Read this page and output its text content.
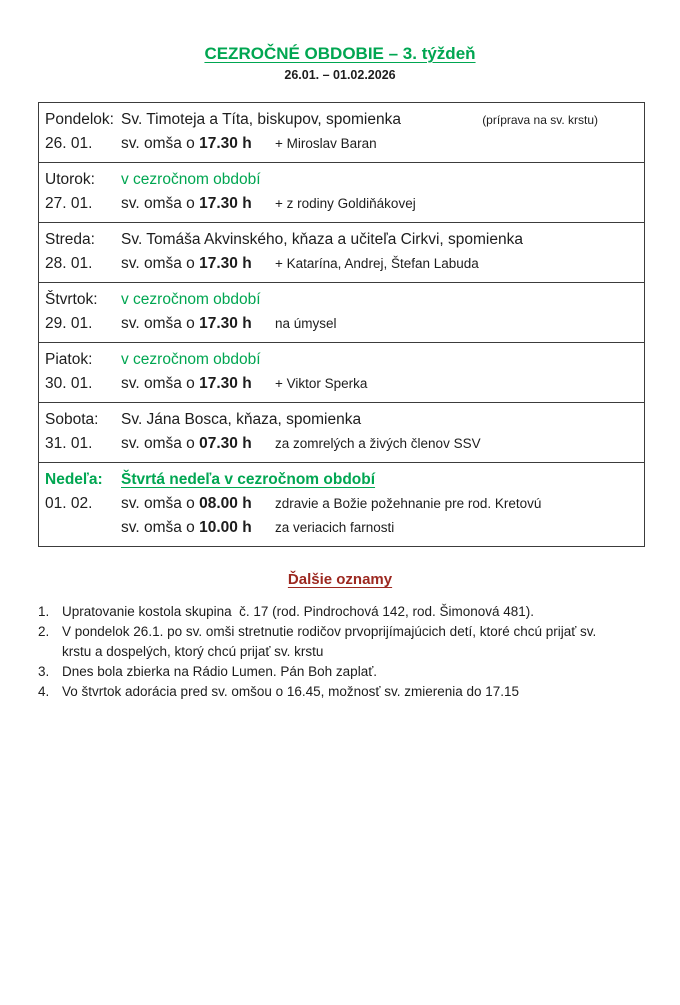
CEZROČNÉ OBDOBIE – 3. týždeň
26.01. – 01.02.2026
Pondelok: Sv. Timoteja a Títa, biskupov, spomienka	(príprava na sv. krstu)
26. 01.	sv. omša o 17.30 h	+ Miroslav Baran
Utorok:	v cezročnom období
27. 01.	sv. omša o 17.30 h	+ z rodiny Goldiňákovej
Streda:	Sv. Tomáša Akvinského, kňaza a učiteľa Cirkvi, spomienka
28. 01.	sv. omša o 17.30 h	+ Katarína, Andrej, Štefan Labuda
Štvrtok:	v cezročnom období
29. 01.	sv. omša o 17.30 h	na úmysel
Piatok:	v cezročnom období
30. 01.	sv. omša o 17.30 h	+ Viktor Sperka
Sobota:	Sv. Jána Bosca, kňaza, spomienka
31. 01.	sv. omša o 07.30 h	za zomrelých a živých členov SSV
Nedeľa:	Štvrtá nedeľa v cezročnom období
01. 02.	sv. omša o 08.00 h	zdravie a Božie požehnanie pre rod. Kretovú
sv. omša o 10.00 h	za veriacich farnosti
Ďalšie oznamy
1. Upratovanie kostola skupina  č. 17 (rod. Pindrochová 142, rod. Šimonová 481).
2. V pondelok 26.1. po sv. omši stretnutie rodičov prvoprijímajúcich detí, ktoré chcú prijať sv. krstu a dospelých, ktorý chcú prijať sv. krstu
3. Dnes bola zbierka na Rádio Lumen. Pán Boh zaplať.
4. Vo štvrtok adorácia pred sv. omšou o 16.45, možnosť sv. zmierenia do 17.15
